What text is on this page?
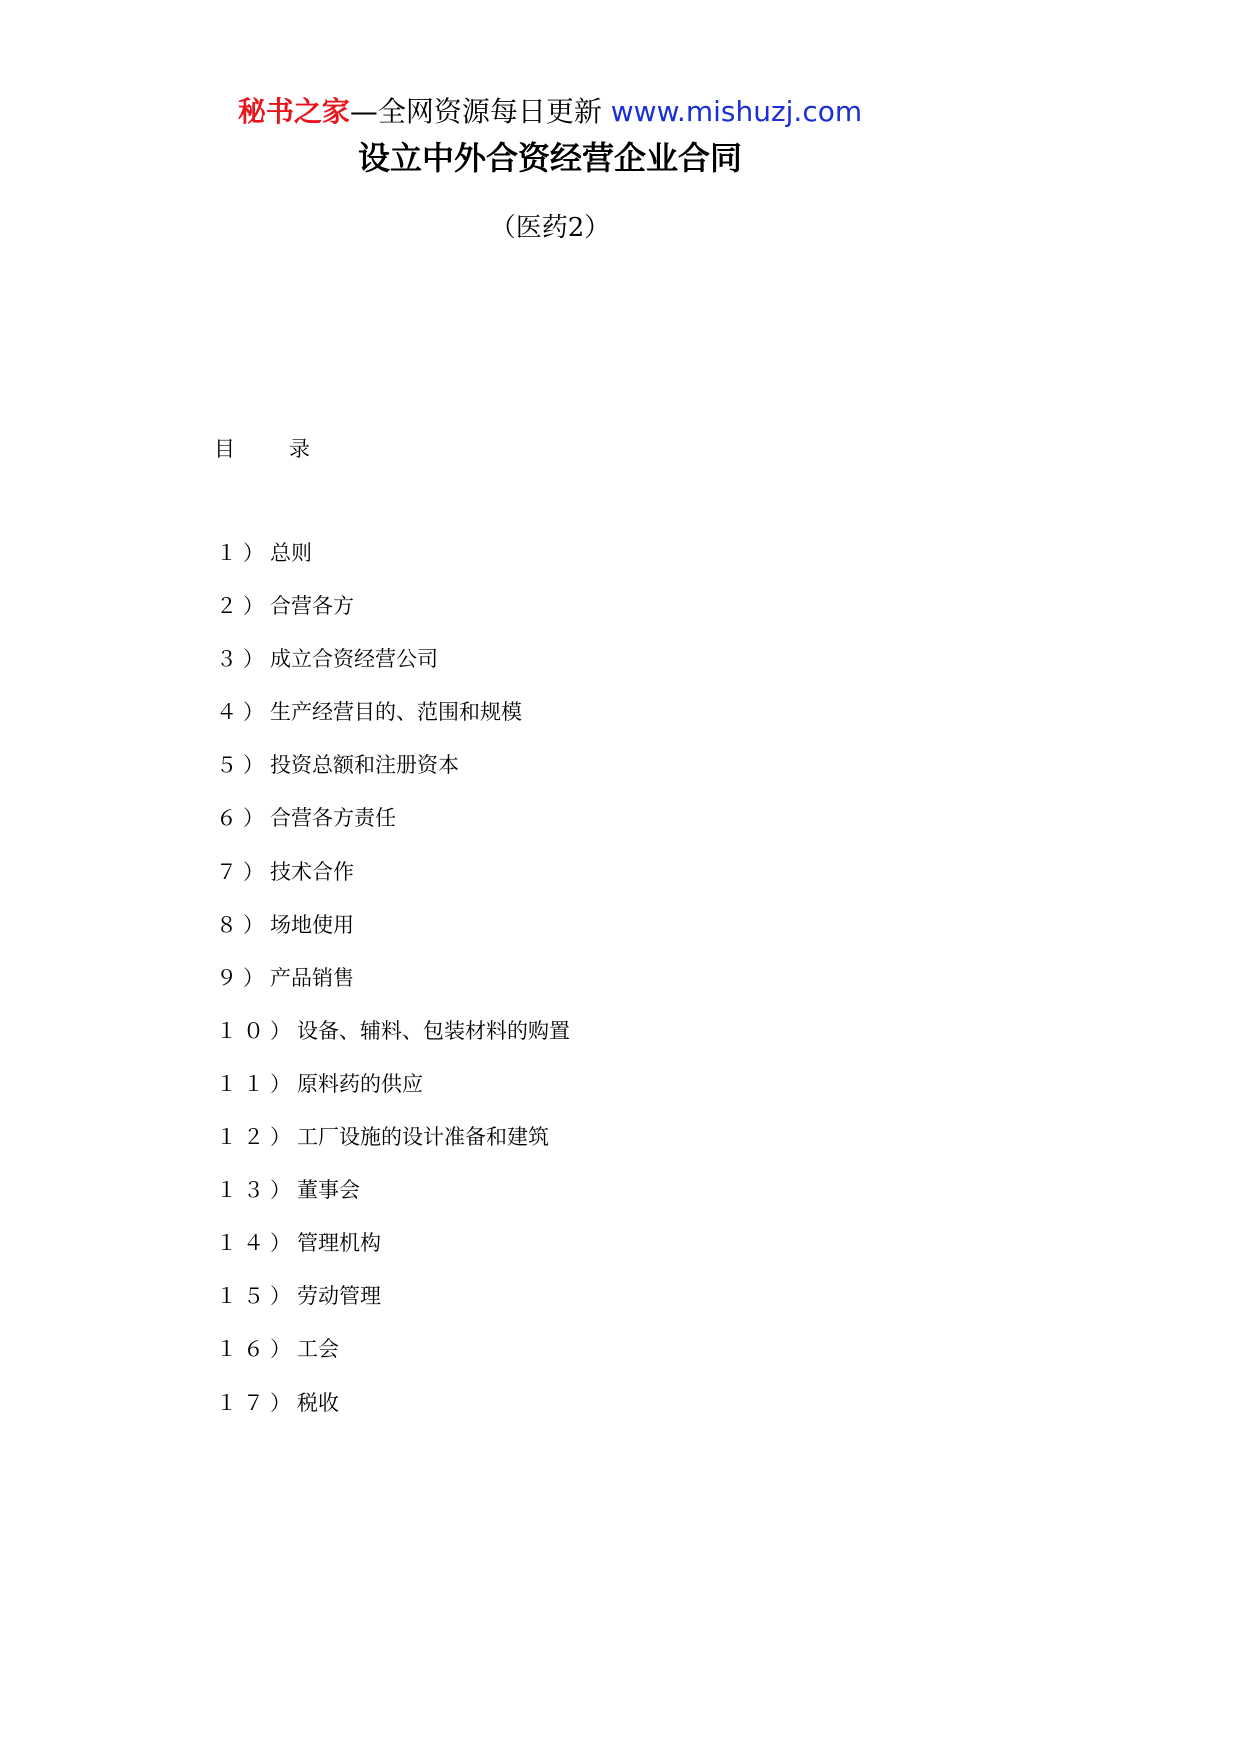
秘书之家—全网资源每日更新 www.mishuzj.com
设立中外合资经营企业合同
（医药2）
目	录
１）总则
２）合营各方
３）成立合资经营公司
４）生产经营目的、范围和规模
５）投资总额和注册资本
６）合营各方责任
７）技术合作
８）场地使用
９）产品销售
１０）设备、辅料、包装材料的购置
１１）原料药的供应
１２）工厂设施的设计准备和建筑
１３）董事会
１４）管理机构
１５）劳动管理
１６）工会
１７）税收
